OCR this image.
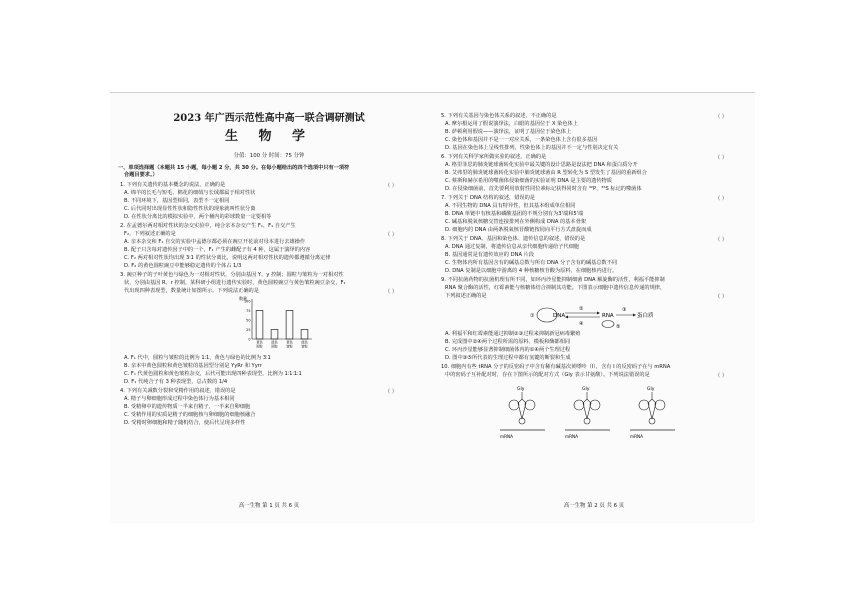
2023 年广西示范性高中高一联合调研测试
生 物 学
分值：100 分 时间：75 分钟
一、单项选择题（本题共 15 小题，每小题 2 分，共 30 分。在每小题给出的四个选项中只有一项符
合题目要求。）
1. 下列有关遗传的基本概念的说法，正确的是	（ ）
A. 绵羊的长毛与短毛、棉花的细绒与长绒都属于相对性状
B. 不同环境下，基因型相同，表型不一定相同
C. 后代同时出现显性性状和隐性性状的现象就叫性状分离
D. 在性状分离比的模拟实验中，两个桶内的彩球数量一定要相等
2. 在孟德尔两对相对性状的杂交实验中，纯合亲本杂交产生 F₁，F₁ 自交产生
F₂，下列叙述正确的是	（ ）
A. 亲本杂交和 F₁ 自交的实验中孟德尔都必须在豌豆开花前对母本进行去雄操作
B. 配子只含每对遗传因子中的一个，F₁ 产生的雌配子有 4 种，这属于演绎的内容
C. F₂ 两对相对性状均出现 3∶1 的性状分离比，说明这两对相对性状的遗传都遵循分离定律
D. F₂ 的黄色圆粒豌豆中能够稳定遗传的个体占 1/3
3. 豌豆种子的子叶黄色与绿色为一对相对性状，分别由基因 Y、y 控制；圆粒与皱粒为一对相对性
状，分别由基因 R、r 控制。某科研小组进行遗传实验时，黄色圆粒豌豆与黄色皱粒豌豆杂交，F₁
代出现四种表现型，数量统计如图所示。下列说法正确的是	（ ）
数量
100
75
50
25
0
黄色
圆粒
绿色
圆粒
黄色
皱粒
绿色
皱粒
A. F₁ 代中，圆粒与皱粒的比例为 1∶1，黄色与绿色的比例为 3∶1
B. 亲本中黄色圆粒和黄色皱粒的基因型分别是 YyRr 和 Yyrr
C. F₁ 代黄色圆粒和黄色皱粒杂交，后代可能出现四种表现型，比例为 1∶1∶1∶1
D. F₁ 代纯合子有 3 种表现型，总占数的 1/4
4. 下列有关减数分裂和受精作用的叙述，错误的是	（ ）
A. 精子与卵细胞形成过程中染色体行为基本相同
B. 受精卵中的遗传物质一半来自精子，一半来自卵细胞
C. 受精作用的实质是精子的细胞核与卵细胞的细胞核融合
D. 受精时卵细胞和精子随机结合，使后代呈现多样性
高一生物 第 1 页 共 6 页
5. 下列有关基因与染色体关系的叙述，不正确的是	（ ）
A. 摩尔根运用了假说演绎法，白眼的基因位于 X 染色体上
B. 萨顿利用假说——演绎法，证明了基因位于染色体上
C. 染色体和基因并不是一一对应关系，一条染色体上含有很多基因
D. 基因在染色体上呈线性排列，性染色体上的基因并不一定与性别决定有关
6. 下列有关科学家所做实验的叙述，正确的是	（ ）
A. 格里菲思的肺炎链球菌转化实验中最关键的设计思路是设法把 DNA 和蛋白质分开
B. 艾弗里的肺炎链球菌转化实验中肺炎链球菌由 R 型转化为 S 型发生了基因的重新组合
C. 蔡斯和赫尔希用的噬菌体侵染细菌的实验证明 DNA 是主要的遗传物质
D. 在侵染细菌前，首先要利用放射性同位素标记获得同时含有 ³²P、³⁵S 标记的噬菌体
7. 下列关于 DNA 结构的叙述，错误的是	（ ）
A. 不同生物的 DNA 具有特异性，但其基本组成单位相同
B. DNA 单链中有核基和磷酸基团的不规分别有为3'端和5'端
C. 碱基和脱氧核糖交替连接排列在外侧构成 DNA 的基本骨架
D. 细胞内的 DNA 由两条脱氧核苷酸链按同向平行方式盘旋而成
8. 下列关于 DNA、基因和染色体、遗传信息的叙述，错误的是	（ ）
A. DNA 通过复制，将遗传信息从亲代细胞传递给子代细胞
B. 基因通常是有遗传效应的 DNA 片段
C. 生物体内所有基因含有的碱基总数与所有 DNA 分子含有的碱基总数不同
D. DNA 复制是以细胞中游离的 4 种核糖核苷酸为原料，在细胞核内进行。
9. 不同抗菌药物的抗菌机理有所不同，如环丙沙星能抑制细菌 DNA 解旋酶的活性，利福平能抑制
RNA 聚合酶的活性，红霉素能与核糖体结合抑制其功能。下图表示细胞中遗传信息传递的规律，
下列叙述正确的是	（ ）
①	DNA
②
④
RNA
⑤
③
蛋白质
A. 利福平和红霉素能通过抑制②③过程来抑制新冠病毒繁殖
B. 完成图中②④两个过程所需的原料、模板和酶都相同
C. 环丙沙星能够显著抑制细菌体内的①④两个生理过程
D. 图中③⑤所代表的生理过程中都有氢键的断裂和生成
10. 细胞内有些 tRNA 分子的反密码子中含有稀有碱基次黄嘌呤（I），含有 I 的反密码子在与 mRNA
中的密码子互补配对时，存在下图所示的配对方式（Gly 表示甘氨酸）。下列说法错误的是	（ ）
Gly
mRNA
Gly
mRNA
Gly
mRNA
高一生物 第 2 页 共 6 页
